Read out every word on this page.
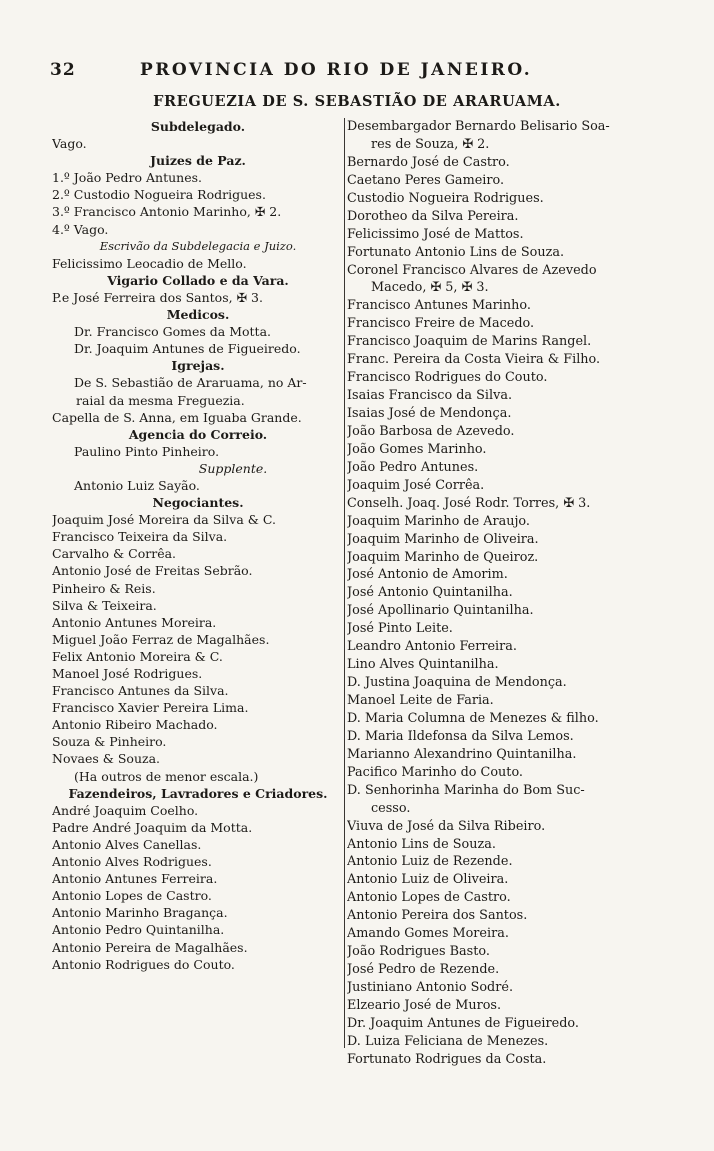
32	PROVINCIA DO RIO DE JANEIRO.
FREGUEZIA DE S. SEBASTIÃO DE ARARUAMA.
Subdelegado.
Vago.
Juizes de Paz.
1.º João Pedro Antunes.
2.º Custodio Nogueira Rodrigues.
3.º Francisco Antonio Marinho, ✠ 2.
4.º Vago.
Escrivão da Subdelegacia e Juizo.
Felicissimo Leocadio de Mello.
Vigario Collado e da Vara.
P.e José Ferreira dos Santos, ✠ 3.
Medicos.
Dr. Francisco Gomes da Motta.
Dr. Joaquim Antunes de Figueiredo.
Igrejas.
De S. Sebastião de Araruama, no Ar-
raial da mesma Freguezia.
Capella de S. Anna, em Iguaba Grande.
Agencia do Correio.
Paulino Pinto Pinheiro.
Supplente.
Antonio Luiz Sayão.
Negociantes.
Joaquim José Moreira da Silva & C.
Francisco Teixeira da Silva.
Carvalho & Corrêa.
Antonio José de Freitas Sebrão.
Pinheiro & Reis.
Silva & Teixeira.
Antonio Antunes Moreira.
Miguel João Ferraz de Magalhães.
Felix Antonio Moreira & C.
Manoel José Rodrigues.
Francisco Antunes da Silva.
Francisco Xavier Pereira Lima.
Antonio Ribeiro Machado.
Souza & Pinheiro.
Novaes & Souza.
(Ha outros de menor escala.)
Fazendeiros, Lavradores e Criadores.
André Joaquim Coelho.
Padre André Joaquim da Motta.
Antonio Alves Canellas.
Antonio Alves Rodrigues.
Antonio Antunes Ferreira.
Antonio Lopes de Castro.
Antonio Marinho Bragança.
Antonio Pedro Quintanilha.
Antonio Pereira de Magalhães.
Antonio Rodrigues do Couto.
Desembargador Bernardo Belisario Soa-
res de Souza, ✠ 2.
Bernardo José de Castro.
Caetano Peres Gameiro.
Custodio Nogueira Rodrigues.
Dorotheo da Silva Pereira.
Felicissimo José de Mattos.
Fortunato Antonio Lins de Souza.
Coronel Francisco Alvares de Azevedo
Macedo, ✠ 5, ✠ 3.
Francisco Antunes Marinho.
Francisco Freire de Macedo.
Francisco Joaquim de Marins Rangel.
Franc. Pereira da Costa Vieira & Filho.
Francisco Rodrigues do Couto.
Isaias Francisco da Silva.
Isaias José de Mendonça.
João Barbosa de Azevedo.
João Gomes Marinho.
João Pedro Antunes.
Joaquim José Corrêa.
Conselh. Joaq. José Rodr. Torres, ✠ 3.
Joaquim Marinho de Araujo.
Joaquim Marinho de Oliveira.
Joaquim Marinho de Queiroz.
José Antonio de Amorim.
José Antonio Quintanilha.
José Apollinario Quintanilha.
José Pinto Leite.
Leandro Antonio Ferreira.
Lino Alves Quintanilha.
D. Justina Joaquina de Mendonça.
Manoel Leite de Faria.
D. Maria Columna de Menezes & filho.
D. Maria Ildefonsa da Silva Lemos.
Marianno Alexandrino Quintanilha.
Pacifico Marinho do Couto.
D. Senhorinha Marinha do Bom Suc-
cesso.
Viuva de José da Silva Ribeiro.
Antonio Lins de Souza.
Antonio Luiz de Rezende.
Antonio Luiz de Oliveira.
Antonio Lopes de Castro.
Antonio Pereira dos Santos.
Amando Gomes Moreira.
João Rodrigues Basto.
José Pedro de Rezende.
Justiniano Antonio Sodré.
Elzeario José de Muros.
Dr. Joaquim Antunes de Figueiredo.
D. Luiza Feliciana de Menezes.
Fortunato Rodrigues da Costa.
